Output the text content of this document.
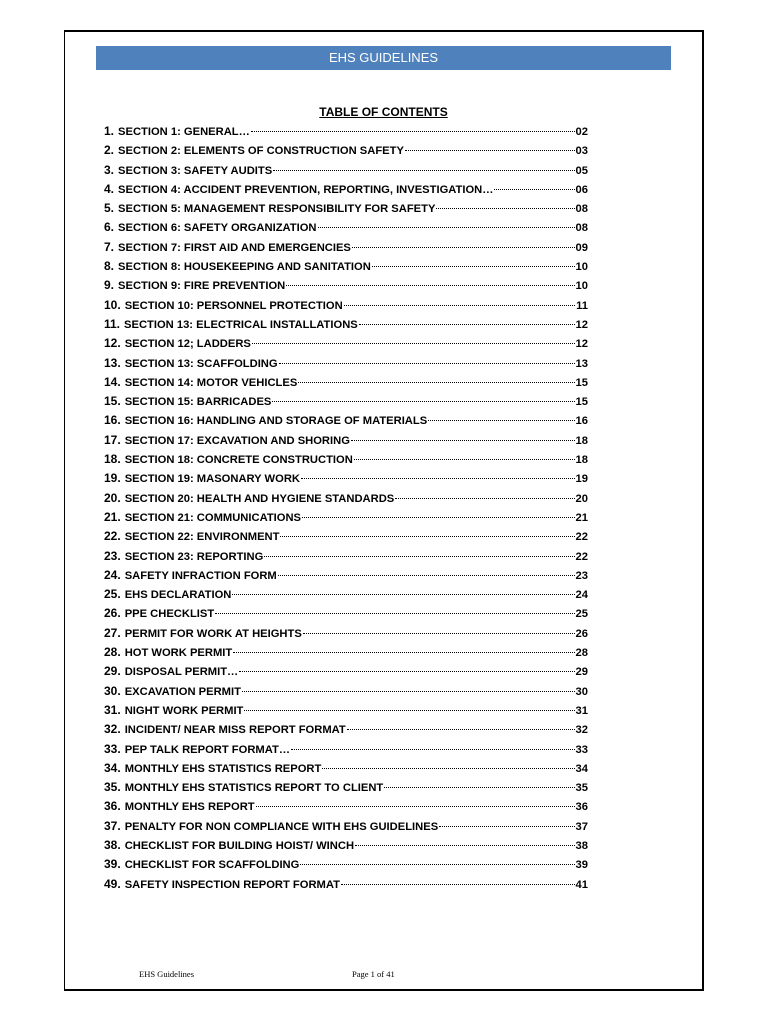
EHS GUIDELINES
TABLE OF CONTENTS
1. SECTION 1: GENERAL…	02
2. SECTION 2: ELEMENTS OF CONSTRUCTION SAFETY	03
3. SECTION 3: SAFETY AUDITS	05
4. SECTION 4: ACCIDENT PREVENTION, REPORTING, INVESTIGATION…	06
5. SECTION 5: MANAGEMENT RESPONSIBILITY FOR SAFETY	08
6. SECTION 6: SAFETY ORGANIZATION	08
7. SECTION 7: FIRST AID AND EMERGENCIES	09
8. SECTION 8: HOUSEKEEPING AND SANITATION	10
9. SECTION 9: FIRE PREVENTION	10
10. SECTION 10: PERSONNEL PROTECTION	11
11. SECTION 13: ELECTRICAL INSTALLATIONS	12
12. SECTION 12; LADDERS	12
13. SECTION 13: SCAFFOLDING	13
14. SECTION 14: MOTOR VEHICLES	15
15. SECTION 15: BARRICADES	15
16. SECTION 16: HANDLING AND STORAGE OF MATERIALS	16
17. SECTION 17: EXCAVATION AND SHORING	18
18. SECTION 18: CONCRETE CONSTRUCTION	18
19. SECTION 19: MASONARY WORK	19
20. SECTION 20: HEALTH AND HYGIENE STANDARDS	20
21. SECTION 21: COMMUNICATIONS	21
22. SECTION 22: ENVIRONMENT	22
23. SECTION 23: REPORTING	22
24. SAFETY INFRACTION FORM	23
25. EHS DECLARATION	24
26. PPE CHECKLIST	25
27. PERMIT FOR WORK AT HEIGHTS	26
28. HOT WORK PERMIT	28
29. DISPOSAL PERMIT…	29
30. EXCAVATION PERMIT	30
31. NIGHT WORK PERMIT	31
32. INCIDENT/ NEAR MISS REPORT FORMAT	32
33. PEP TALK REPORT FORMAT…	33
34. MONTHLY EHS STATISTICS REPORT	34
35. MONTHLY EHS STATISTICS REPORT TO CLIENT	35
36. MONTHLY EHS REPORT	36
37. PENALTY FOR NON COMPLIANCE WITH EHS GUIDELINES	37
38. CHECKLIST FOR BUILDING HOIST/ WINCH	38
39. CHECKLIST FOR SCAFFOLDING	39
49. SAFETY INSPECTION REPORT FORMAT	41
EHS Guidelines	Page 1 of 41
